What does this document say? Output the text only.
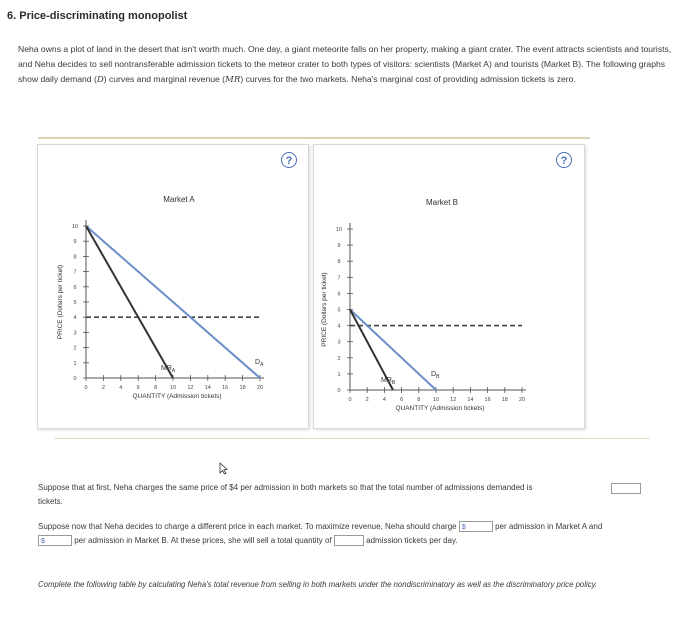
6. Price-discriminating monopolist
Neha owns a plot of land in the desert that isn't worth much. One day, a giant meteorite falls on her property, making a giant crater. The event attracts scientists and tourists, and Neha decides to sell nontransferable admission tickets to the meteor crater to both types of visitors: scientists (Market A) and tourists (Market B). The following graphs show daily demand (D) curves and marginal revenue (MR) curves for the two markets. Neha's marginal cost of providing admission tickets is zero.
?
Market A
0
1
2
3
4
5
6
7
8
9
10
0	2	4	6	8 10 12 14 16 18 20
QUANTITY (Admission tickets)
PRICE (Dollars per ticket)
$MR_A$
$D_A$
?
Market B
0
1
2
3
4
5
6
7
8
9
10
0	2	4	6	8 10 12 14 16 18 20
QUANTITY (Admission tickets)
PRICE (Dollars per ticket)
$MR_B$
$D_B$
Suppose that at first, Neha charges the same price of $4 per admission in both markets so that the total number of admissions demanded is

tickets.
Suppose now that Neha decides to charge a different price in each market. To maximize revenue, Neha should charge $	per admission in Market A and
$	per admission in Market B. At these prices, she will sell a total quantity of	admission tickets per day.
Complete the following table by calculating Neha's total revenue from selling in both markets under the nondiscriminatory as well as the discriminatory price policy.
